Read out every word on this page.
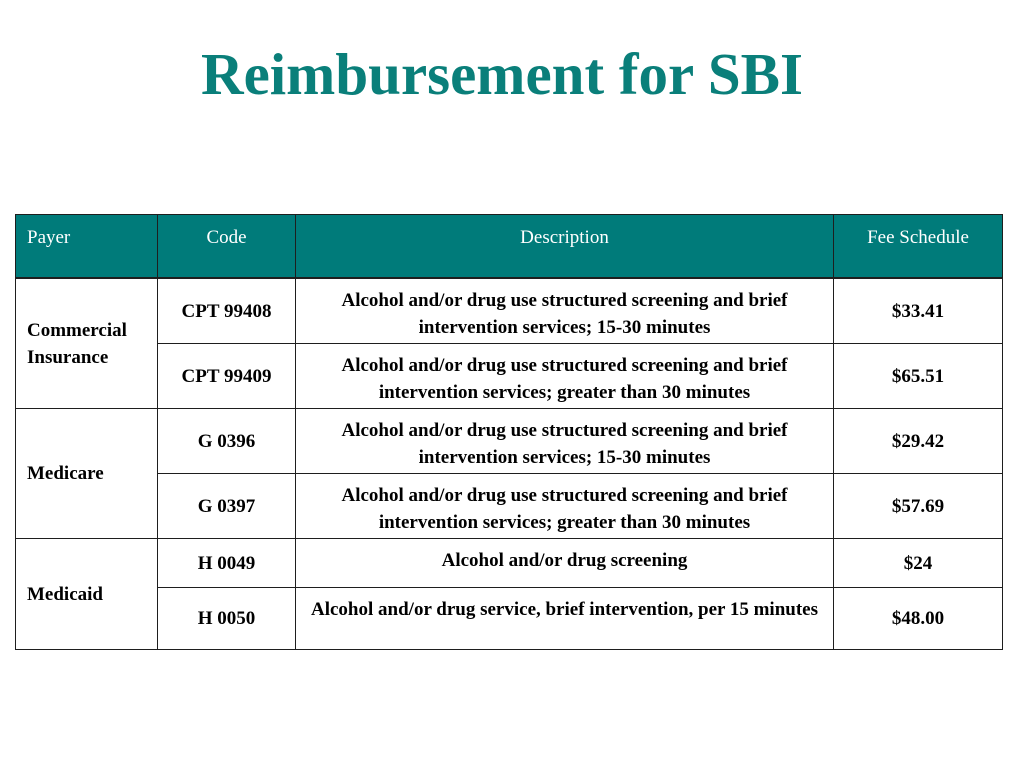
Reimbursement for SBI
Payer	Code	Description	Fee Schedule
Commercial Insurance	CPT 99408	Alcohol and/or drug use structured screening and brief intervention services; 15-30 minutes	$33.41
	CPT 99409	Alcohol and/or drug use structured screening and brief intervention services; greater than 30 minutes	$65.51
Medicare	G 0396	Alcohol and/or drug use structured screening and brief intervention services; 15-30 minutes	$29.42
	G 0397	Alcohol and/or drug use structured screening and brief intervention services; greater than 30 minutes	$57.69
Medicaid	H 0049	Alcohol and/or drug screening	$24
	H 0050	Alcohol and/or drug service, brief intervention, per 15 minutes	$48.00
